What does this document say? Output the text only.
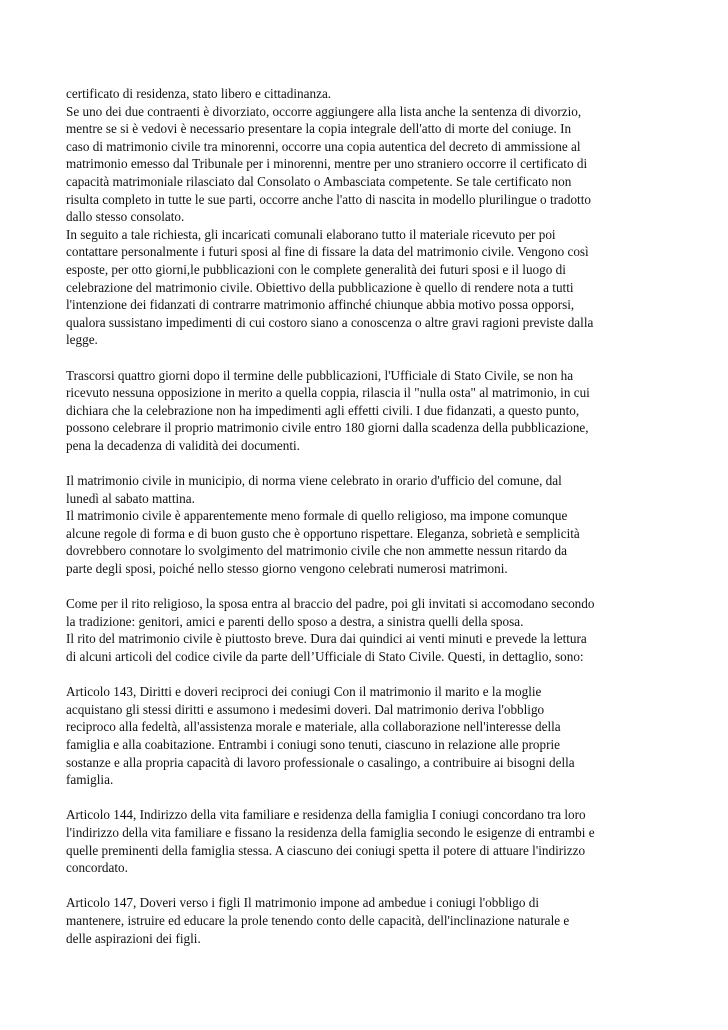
certificato di residenza, stato libero e cittadinanza.
Se uno dei due contraenti è divorziato, occorre aggiungere alla lista anche la sentenza di divorzio,
mentre se si è vedovi è necessario presentare la copia integrale dell'atto di morte del coniuge. In
caso di matrimonio civile tra minorenni, occorre una copia autentica del decreto di ammissione al
matrimonio emesso dal Tribunale per i minorenni, mentre per uno straniero occorre il certificato di
capacità matrimoniale rilasciato dal Consolato o Ambasciata competente. Se tale certificato non
risulta completo in tutte le sue parti, occorre anche l'atto di nascita in modello plurilingue o tradotto
dallo stesso consolato.
In seguito a tale richiesta, gli incaricati comunali elaborano tutto il materiale ricevuto per poi
contattare personalmente i futuri sposi al fine di fissare la data del matrimonio civile. Vengono così
esposte, per otto giorni,le pubblicazioni con le complete generalità dei futuri sposi e il luogo di
celebrazione del matrimonio civile. Obiettivo della pubblicazione è quello di rendere nota a tutti
l'intenzione dei fidanzati di contrarre matrimonio affinché chiunque abbia motivo possa opporsi,
qualora sussistano impedimenti di cui costoro siano a conoscenza o altre gravi ragioni previste dalla
legge.

Trascorsi quattro giorni dopo il termine delle pubblicazioni, l'Ufficiale di Stato Civile, se non ha
ricevuto nessuna opposizione in merito a quella coppia, rilascia il "nulla osta" al matrimonio, in cui
dichiara che la celebrazione non ha impedimenti agli effetti civili. I due fidanzati, a questo punto,
possono celebrare il proprio matrimonio civile entro 180 giorni dalla scadenza della pubblicazione,
pena la decadenza di validità dei documenti.

Il matrimonio civile in municipio, di norma viene celebrato in orario d'ufficio del comune, dal
lunedì al sabato mattina.
Il matrimonio civile è apparentemente meno formale di quello religioso, ma impone comunque
alcune regole di forma e di buon gusto che è opportuno rispettare. Eleganza, sobrietà e semplicità
dovrebbero connotare lo svolgimento del matrimonio civile che non ammette nessun ritardo da
parte degli sposi, poiché nello stesso giorno vengono celebrati numerosi matrimoni.

Come per il rito religioso, la sposa entra al braccio del padre, poi gli invitati si accomodano secondo
la tradizione: genitori, amici e parenti dello sposo a destra, a sinistra quelli della sposa.
Il rito del matrimonio civile è piuttosto breve. Dura dai quindici ai venti minuti e prevede la lettura
di alcuni articoli del codice civile da parte dell’Ufficiale di Stato Civile. Questi, in dettaglio, sono:

Articolo 143, Diritti e doveri reciproci dei coniugi Con il matrimonio il marito e la moglie
acquistano gli stessi diritti e assumono i medesimi doveri. Dal matrimonio deriva l'obbligo
reciproco alla fedeltà, all'assistenza morale e materiale, alla collaborazione nell'interesse della
famiglia e alla coabitazione. Entrambi i coniugi sono tenuti, ciascuno in relazione alle proprie
sostanze e alla propria capacità di lavoro professionale o casalingo, a contribuire ai bisogni della
famiglia.

Articolo 144, Indirizzo della vita familiare e residenza della famiglia I coniugi concordano tra loro
l'indirizzo della vita familiare e fissano la residenza della famiglia secondo le esigenze di entrambi e
quelle preminenti della famiglia stessa. A ciascuno dei coniugi spetta il potere di attuare l'indirizzo
concordato.

Articolo 147, Doveri verso i figli Il matrimonio impone ad ambedue i coniugi l'obbligo di
mantenere, istruire ed educare la prole tenendo conto delle capacità, dell'inclinazione naturale e
delle aspirazioni dei figli.
